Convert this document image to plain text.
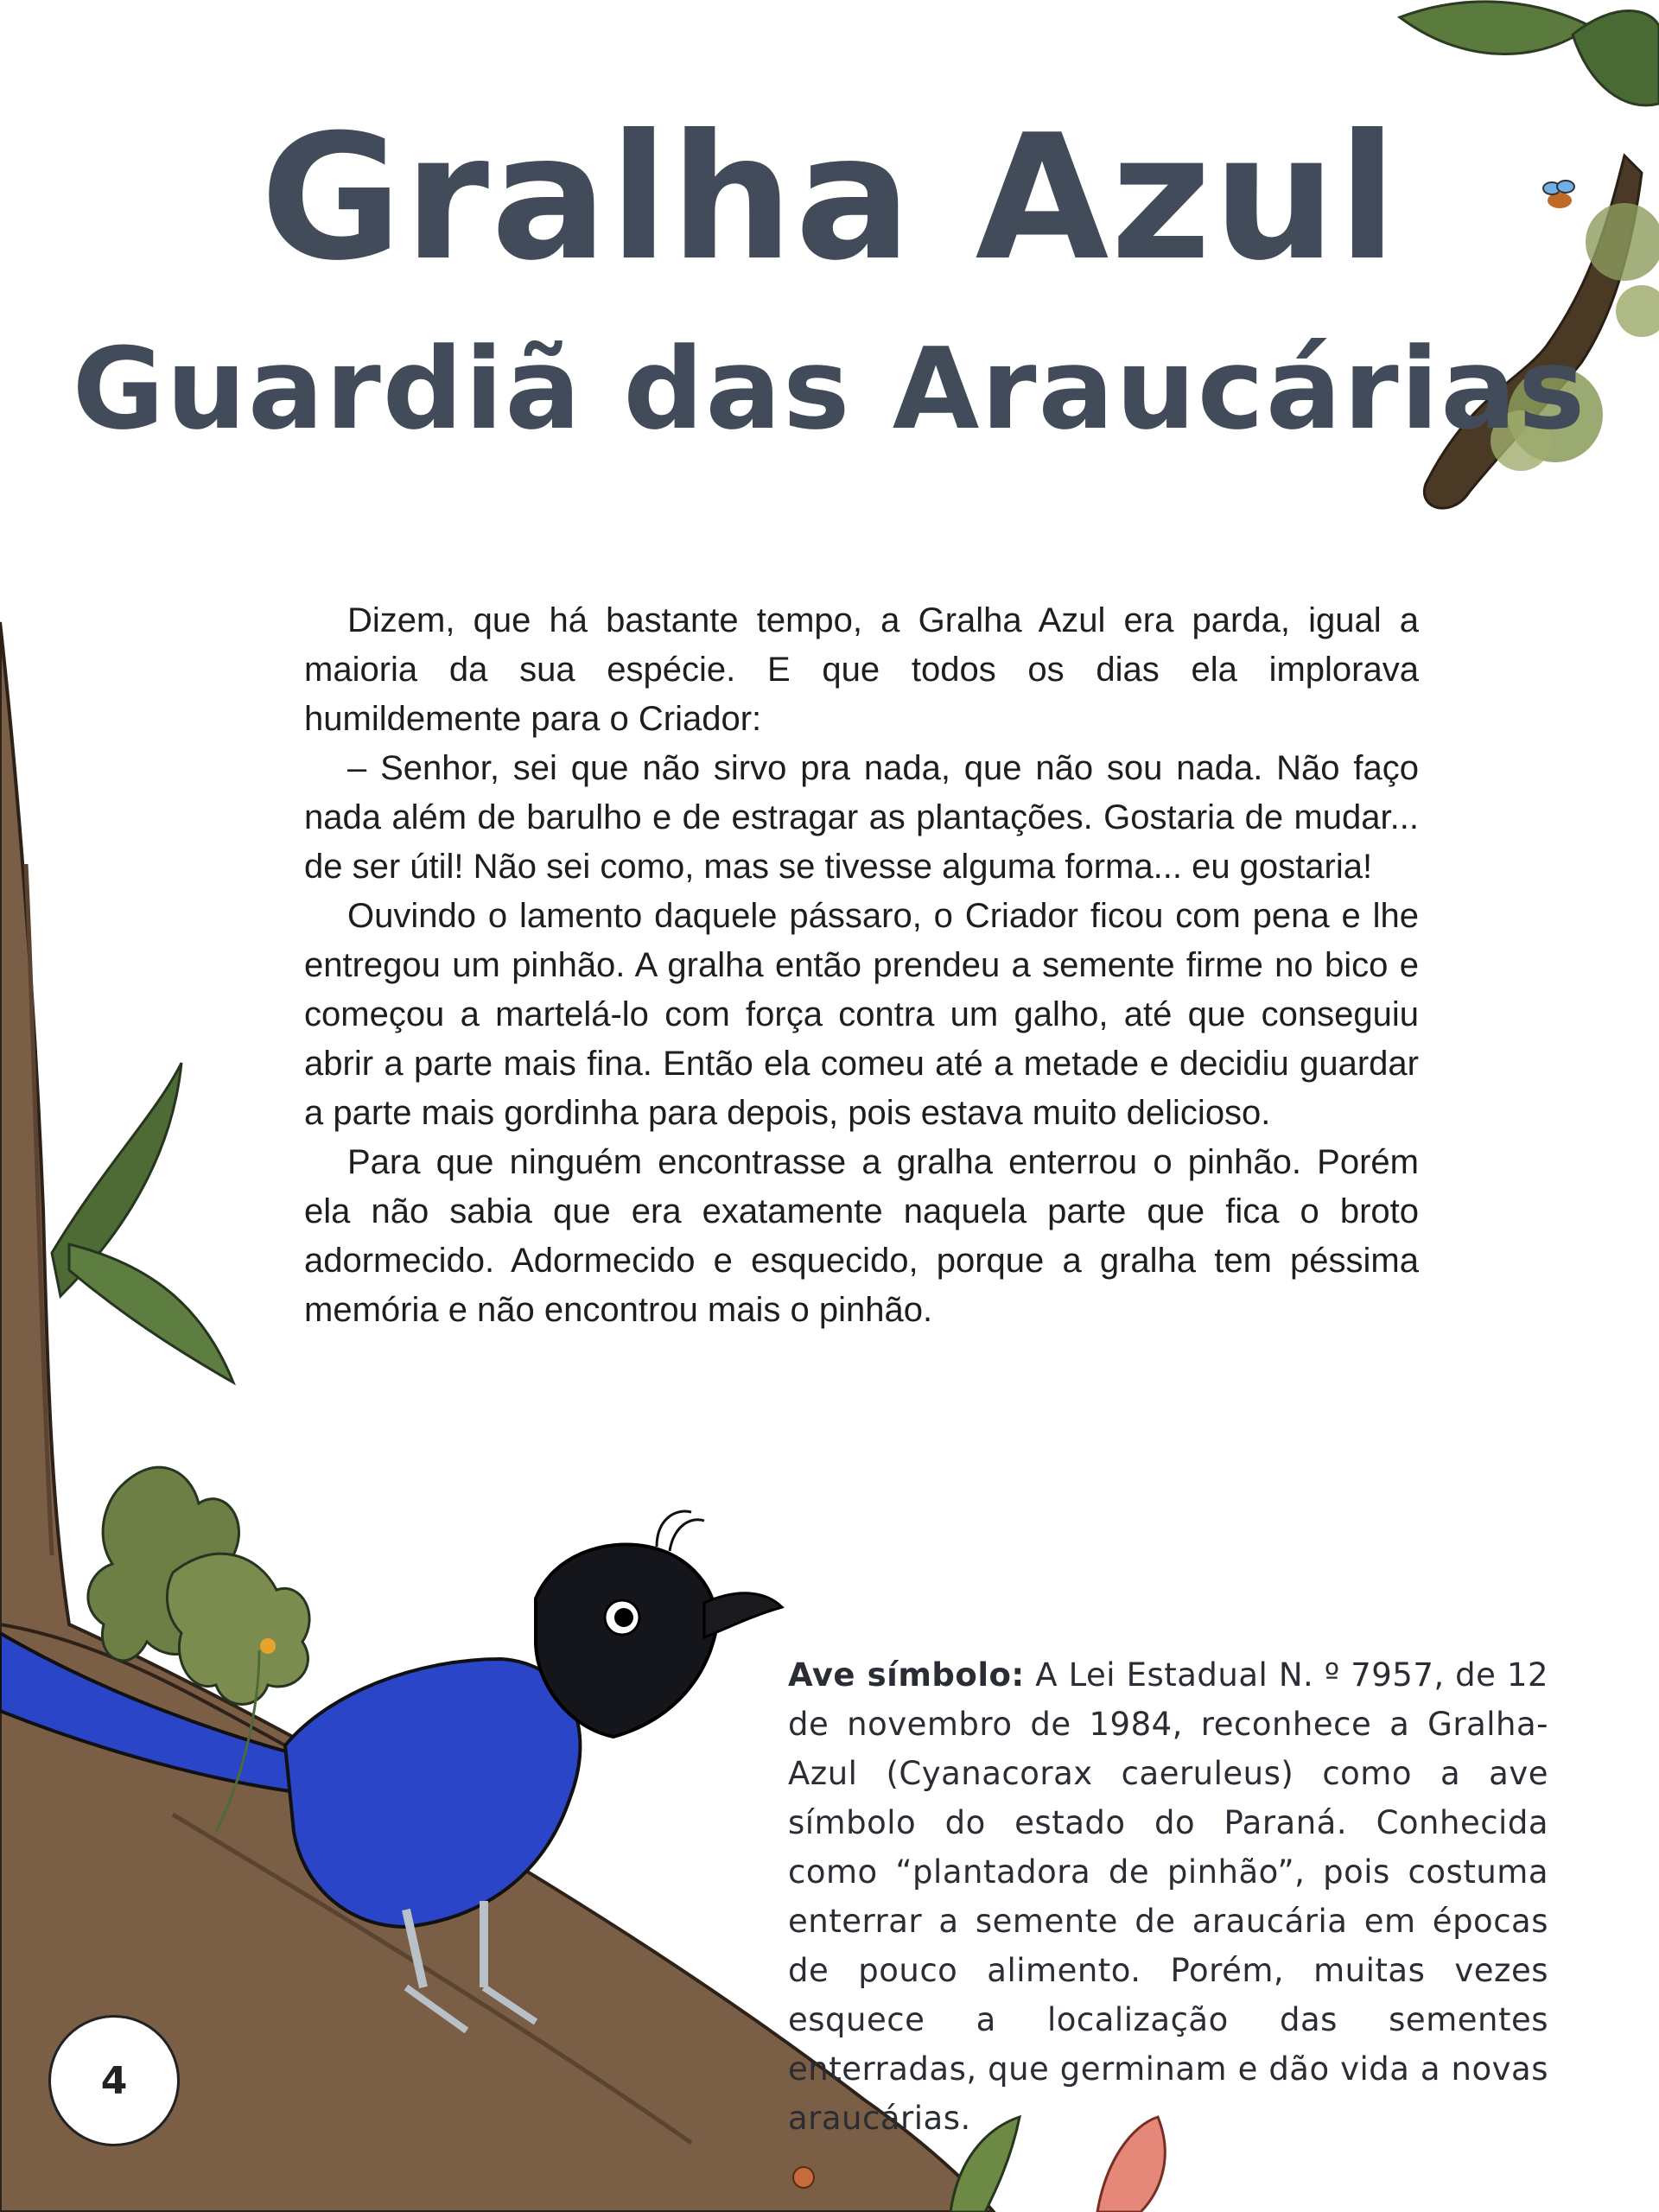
Gralha Azul
Guardiã das Araucárias

Dizem, que há bastante tempo, a Gralha Azul era parda, igual a maioria da sua espécie. E que todos os dias ela implorava humildemente para o Criador:

– Senhor, sei que não sirvo pra nada, que não sou nada. Não faço nada além de barulho e de estragar as plantações. Gostaria de mudar... de ser útil! Não sei como, mas se tivesse alguma forma... eu gostaria!

Ouvindo o lamento daquele pássaro, o Criador ficou com pena e lhe entregou um pinhão. A gralha então prendeu a semente firme no bico e começou a martelá-lo com força contra um galho, até que conseguiu abrir a parte mais fina. Então ela comeu até a metade e decidiu guardar a parte mais gordinha para depois, pois estava muito delicioso.

Para que ninguém encontrasse a gralha enterrou o pinhão. Porém ela não sabia que era exatamente naquela parte que fica o broto adormecido. Adormecido e esquecido, porque a gralha tem péssima memória e não encontrou mais o pinhão.

Ave símbolo: A Lei Estadual N. º 7957, de 12 de novembro de 1984, reconhece a Gralha-Azul (Cyanacorax caeruleus) como a ave símbolo do estado do Paraná. Conhecida como “plantadora de pinhão”, pois costuma enterrar a semente de araucária em épocas de pouco alimento. Porém, muitas vezes esquece a localização das sementes enterradas, que germinam e dão vida a novas araucárias.
4
